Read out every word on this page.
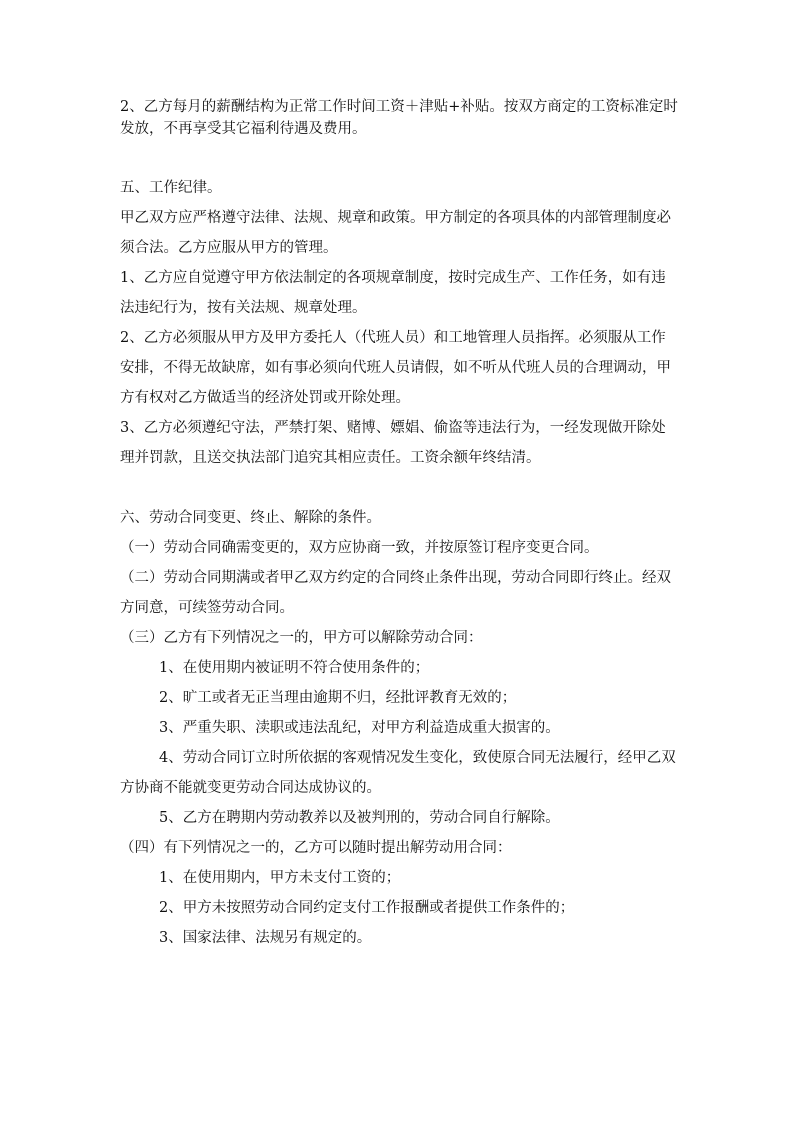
2、乙方每月的薪酬结构为正常工作时间工资＋津贴+补贴。按双方商定的工资标准定时
发放，不再享受其它福利待遇及费用。
五、工作纪律。
甲乙双方应严格遵守法律、法规、规章和政策。甲方制定的各项具体的内部管理制度必
须合法。乙方应服从甲方的管理。
1、乙方应自觉遵守甲方依法制定的各项规章制度，按时完成生产、工作任务，如有违
法违纪行为，按有关法规、规章处理。
2、乙方必须服从甲方及甲方委托人（代班人员）和工地管理人员指挥。必须服从工作
安排，不得无故缺席，如有事必须向代班人员请假，如不听从代班人员的合理调动，甲
方有权对乙方做适当的经济处罚或开除处理。
3、乙方必须遵纪守法，严禁打架、赌博、嫖娼、偷盗等违法行为，一经发现做开除处
理并罚款，且送交执法部门追究其相应责任。工资余额年终结清。
六、劳动合同变更、终止、解除的条件。
（一）劳动合同确需变更的，双方应协商一致，并按原签订程序变更合同。
（二）劳动合同期满或者甲乙双方约定的合同终止条件出现，劳动合同即行终止。经双
方同意，可续签劳动合同。
（三）乙方有下列情况之一的，甲方可以解除劳动合同：
1、在使用期内被证明不符合使用条件的；
2、旷工或者无正当理由逾期不归，经批评教育无效的；
3、严重失职、渎职或违法乱纪，对甲方利益造成重大损害的。
4、劳动合同订立时所依据的客观情况发生变化，致使原合同无法履行，经甲乙双
方协商不能就变更劳动合同达成协议的。
5、乙方在聘期内劳动教养以及被判刑的，劳动合同自行解除。
（四）有下列情况之一的，乙方可以随时提出解劳动用合同：
1、在使用期内，甲方未支付工资的；
2、甲方未按照劳动合同约定支付工作报酬或者提供工作条件的；
3、国家法律、法规另有规定的。
